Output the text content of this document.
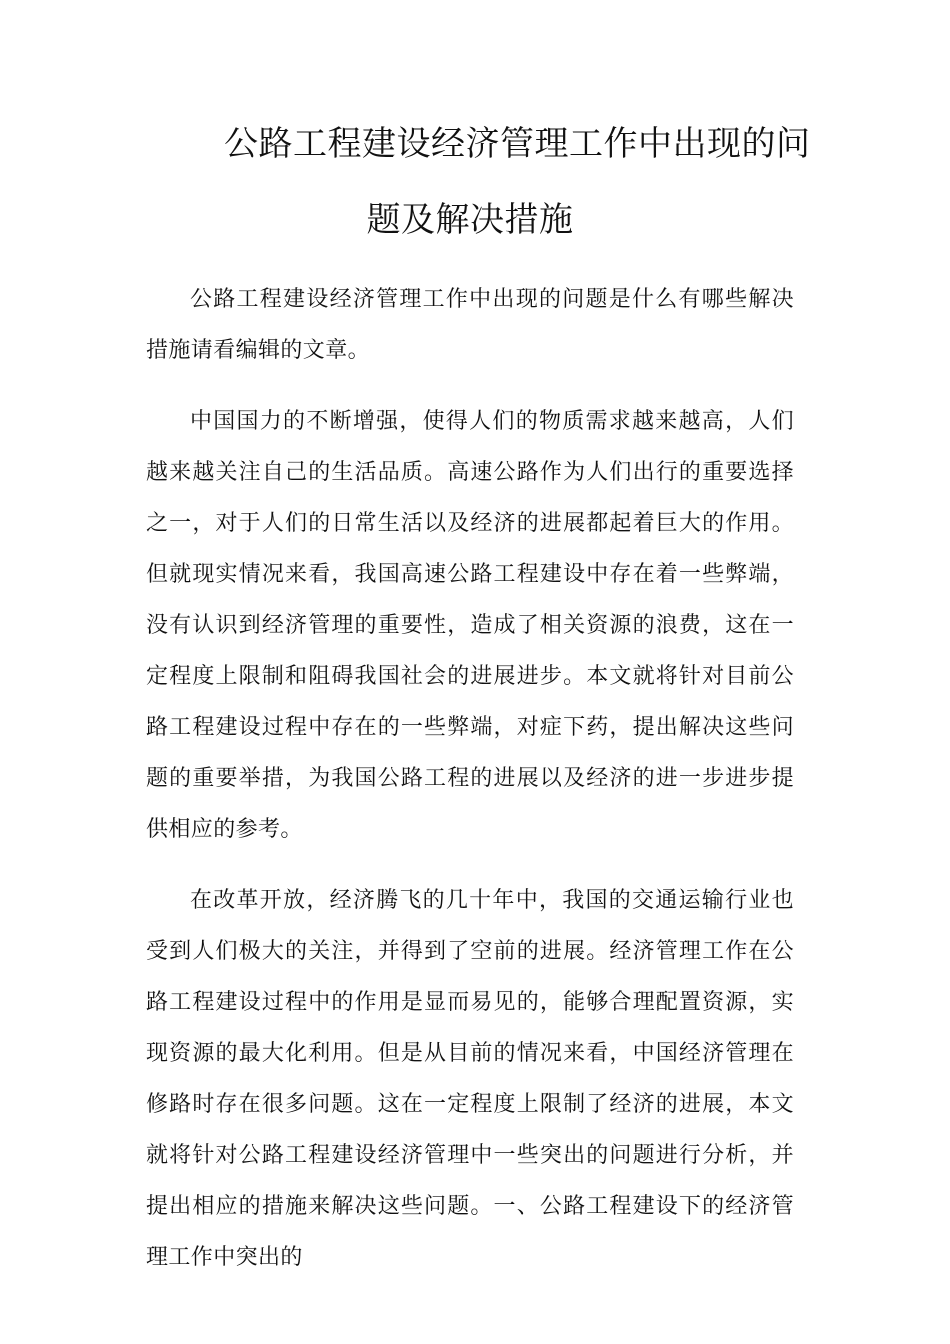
公路工程建设经济管理工作中出现的问
题及解决措施

公路工程建设经济管理工作中出现的问题是什么有哪些解决措施请看编辑的文章。

中国国力的不断增强，使得人们的物质需求越来越高，人们越来越关注自己的生活品质。高速公路作为人们出行的重要选择之一，对于人们的日常生活以及经济的进展都起着巨大的作用。但就现实情况来看，我国高速公路工程建设中存在着一些弊端，没有认识到经济管理的重要性，造成了相关资源的浪费，这在一定程度上限制和阻碍我国社会的进展进步。本文就将针对目前公路工程建设过程中存在的一些弊端，对症下药，提出解决这些问题的重要举措，为我国公路工程的进展以及经济的进一步进步提供相应的参考。

在改革开放，经济腾飞的几十年中，我国的交通运输行业也受到人们极大的关注，并得到了空前的进展。经济管理工作在公路工程建设过程中的作用是显而易见的，能够合理配置资源，实现资源的最大化利用。但是从目前的情况来看，中国经济管理在修路时存在很多问题。这在一定程度上限制了经济的进展，本文就将针对公路工程建设经济管理中一些突出的问题进行分析，并提出相应的措施来解决这些问题。一、公路工程建设下的经济管理工作中突出的
